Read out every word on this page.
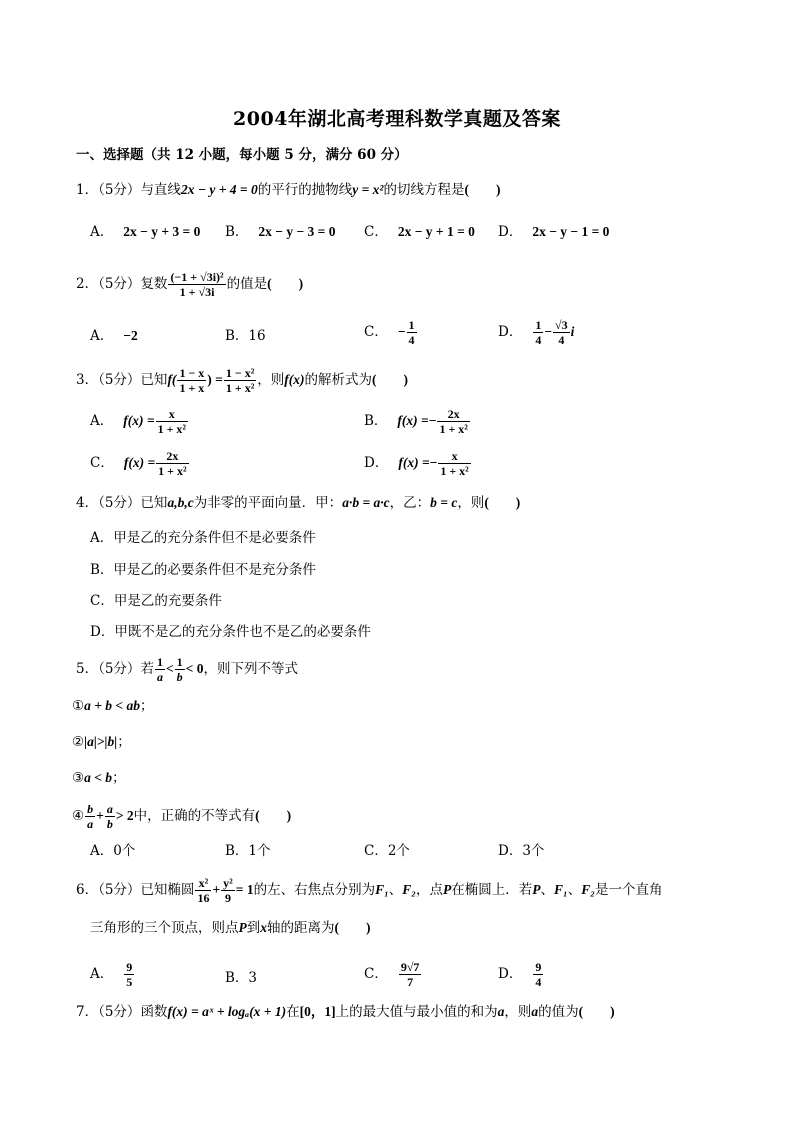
2004年湖北高考理科数学真题及答案
一、选择题（共 12 小题，每小题 5 分，满分 60 分）
1．（5分）与直线2x − y + 4 = 0的平行的抛物线y = x²的切线方程是(　　)
A． 2x − y + 3 = 0 B． 2x − y − 3 = 0 C． 2x − y + 1 = 0 D． 2x − y − 1 = 0
2．（5分）复数 $\frac{\text{(−1 + √3i)²}}{1 + √3i}$ 的值是(　　)
A． −2	B．16	C． − $\frac{1}{4}$	D． $\frac{1}{4} - \frac{√3}{4}$ i
3．（5分）已知$f( \frac{1 - x}{1 + x}$ ) = $\frac{\text{1 − x²}}{\text{1 + x²}}$ ，则f(x)的解析式为(　　)
A． $f(x) = \frac{x}{\text{1 + x²}}$	B． $f(x) =- \frac{2x}{\text{1 + x²}}$
C． $f(x) = \frac{2x}{\text{1 + x²}}$	D． $f(x) =- \frac{x}{\text{1 + x²}}$
4．（5分）已知a,b,c为非零的平面向量．甲：a·b = a·c，乙：b = c，则(　　)
A．甲是乙的充分条件但不是必要条件
B．甲是乙的必要条件但不是充分条件
C．甲是乙的充要条件
D．甲既不是乙的充分条件也不是乙的必要条件
5．（5分）若 $\frac{1}{a} < \frac{1}{b} < 0$，则下列不等式
①a + b < ab；
②|a|>|b|；
③a < b；
④ $\frac{b}{a} + \frac{a}{b} > 2$中，正确的不等式有(　　)
A．0个	B．1个	C．2个	D．3个
6．（5分）已知椭圆 $\frac{\text{x²}}{16} + \frac{\text{y²}}{9} = 1$的左、右焦点分别为F₁、F₂，点P在椭圆上．若P、F₁、F₂是一个直角
三角形的三个顶点，则点P到x轴的距离为(　　)
A． $\frac{9}{5}$	B．3	C． $\frac{9√7}{7}$	D． $\frac{9}{4}$
7．（5分）函数f(x) = aˣ + logₐ(x + 1)在[0，1]上的最大值与最小值的和为a，则a的值为(　　)
